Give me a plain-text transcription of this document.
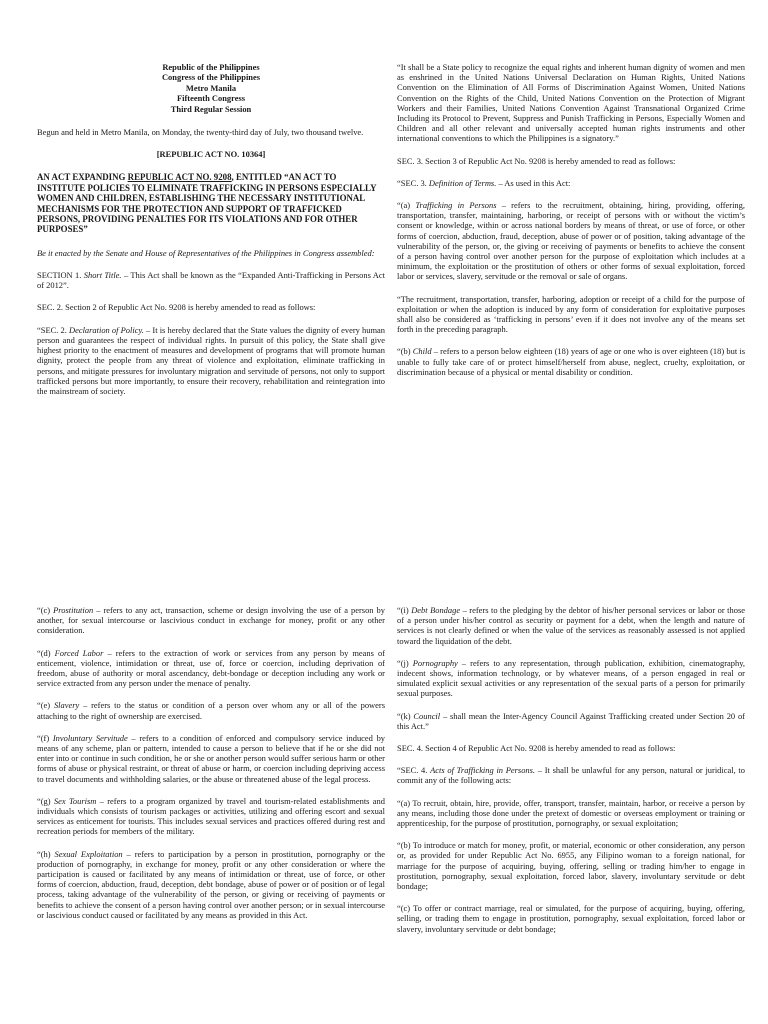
Republic of the Philippines
Congress of the Philippines
Metro Manila
Fifteenth Congress
Third Regular Session

Begun and held in Metro Manila, on Monday, the twenty-third day of July, two thousand twelve.

[REPUBLIC ACT NO. 10364]

AN ACT EXPANDING REPUBLIC ACT NO. 9208, ENTITLED “AN ACT TO INSTITUTE POLICIES TO ELIMINATE TRAFFICKING IN PERSONS ESPECIALLY WOMEN AND CHILDREN, ESTABLISHING THE NECESSARY INSTITUTIONAL MECHANISMS FOR THE PROTECTION AND SUPPORT OF TRAFFICKED PERSONS, PROVIDING PENALTIES FOR ITS VIOLATIONS AND FOR OTHER PURPOSES”

Be it enacted by the Senate and House of Representatives of the Philippines in Congress assembled:

SECTION 1. Short Title. – This Act shall be known as the “Expanded Anti-Trafficking in Persons Act of 2012”.

SEC. 2. Section 2 of Republic Act No. 9208 is hereby amended to read as follows:

“SEC. 2. Declaration of Policy. – It is hereby declared that the State values the dignity of every human person and guarantees the respect of individual rights. In pursuit of this policy, the State shall give highest priority to the enactment of measures and development of programs that will promote human dignity, protect the people from any threat of violence and exploitation, eliminate trafficking in persons, and mitigate pressures for involuntary migration and servitude of persons, not only to support trafficked persons but more importantly, to ensure their recovery, rehabilitation and reintegration into the mainstream of society.

“It shall be a State policy to recognize the equal rights and inherent human dignity of women and men as enshrined in the United Nations Universal Declaration on Human Rights, United Nations Convention on the Elimination of All Forms of Discrimination Against Women, United Nations Convention on the Rights of the Child, United Nations Convention on the Protection of Migrant Workers and their Families, United Nations Convention Against Transnational Organized Crime Including its Protocol to Prevent, Suppress and Punish Trafficking in Persons, Especially Women and Children and all other relevant and universally accepted human rights instruments and other international conventions to which the Philippines is a signatory.”

SEC. 3. Section 3 of Republic Act No. 9208 is hereby amended to read as follows:

“SEC. 3. Definition of Terms. – As used in this Act:

“(a) Trafficking in Persons – refers to the recruitment, obtaining, hiring, providing, offering, transportation, transfer, maintaining, harboring, or receipt of persons with or without the victim’s consent or knowledge, within or across national borders by means of threat, or use of force, or other forms of coercion, abduction, fraud, deception, abuse of power or of position, taking advantage of the vulnerability of the person, or, the giving or receiving of payments or benefits to achieve the consent of a person having control over another person for the purpose of exploitation which includes at a minimum, the exploitation or the prostitution of others or other forms of sexual exploitation, forced labor or services, slavery, servitude or the removal or sale of organs.

“The recruitment, transportation, transfer, harboring, adoption or receipt of a child for the purpose of exploitation or when the adoption is induced by any form of consideration for exploitative purposes shall also be considered as ‘trafficking in persons’ even if it does not involve any of the means set forth in the preceding paragraph.

“(b) Child – refers to a person below eighteen (18) years of age or one who is over eighteen (18) but is unable to fully take care of or protect himself/herself from abuse, neglect, cruelty, exploitation, or discrimination because of a physical or mental disability or condition.

“(c) Prostitution – refers to any act, transaction, scheme or design involving the use of a person by another, for sexual intercourse or lascivious conduct in exchange for money, profit or any other consideration.

“(d) Forced Labor – refers to the extraction of work or services from any person by means of enticement, violence, intimidation or threat, use of, force or coercion, including deprivation of freedom, abuse of authority or moral ascendancy, debt-bondage or deception including any work or service extracted from any person under the menace of penalty.

“(e) Slavery – refers to the status or condition of a person over whom any or all of the powers attaching to the right of ownership are exercised.

“(f) Involuntary Servitude – refers to a condition of enforced and compulsory service induced by means of any scheme, plan or pattern, intended to cause a person to believe that if he or she did not enter into or continue in such condition, he or she or another person would suffer serious harm or other forms of abuse or physical restraint, or threat of abuse or harm, or coercion including depriving access to travel documents and withholding salaries, or the abuse or threatened abuse of the legal process.

“(g) Sex Tourism – refers to a program organized by travel and tourism-related establishments and individuals which consists of tourism packages or activities, utilizing and offering escort and sexual services as enticement for tourists. This includes sexual services and practices offered during rest and recreation periods for members of the military.

“(h) Sexual Exploitation – refers to participation by a person in prostitution, pornography or the production of pornography, in exchange for money, profit or any other consideration or where the participation is caused or facilitated by any means of intimidation or threat, use of force, or other forms of coercion, abduction, fraud, deception, debt bondage, abuse of power or of position or of legal process, taking advantage of the vulnerability of the person, or giving or receiving of payments or benefits to achieve the consent of a person having control over another person; or in sexual intercourse or lascivious conduct caused or facilitated by any means as provided in this Act.

“(i) Debt Bondage – refers to the pledging by the debtor of his/her personal services or labor or those of a person under his/her control as security or payment for a debt, when the length and nature of services is not clearly defined or when the value of the services as reasonably assessed is not applied toward the liquidation of the debt.

“(j) Pornography – refers to any representation, through publication, exhibition, cinematography, indecent shows, information technology, or by whatever means, of a person engaged in real or simulated explicit sexual activities or any representation of the sexual parts of a person for primarily sexual purposes.

“(k) Council – shall mean the Inter-Agency Council Against Trafficking created under Section 20 of this Act.”

SEC. 4. Section 4 of Republic Act No. 9208 is hereby amended to read as follows:

“SEC. 4. Acts of Trafficking in Persons. – It shall be unlawful for any person, natural or juridical, to commit any of the following acts:

“(a) To recruit, obtain, hire, provide, offer, transport, transfer, maintain, harbor, or receive a person by any means, including those done under the pretext of domestic or overseas employment or training or apprenticeship, for the purpose of prostitution, pornography, or sexual exploitation;

“(b) To introduce or match for money, profit, or material, economic or other consideration, any person or, as provided for under Republic Act No. 6955, any Filipino woman to a foreign national, for marriage for the purpose of acquiring, buying, offering, selling or trading him/her to engage in prostitution, pornography, sexual exploitation, forced labor, slavery, involuntary servitude or debt bondage;

“(c) To offer or contract marriage, real or simulated, for the purpose of acquiring, buying, offering, selling, or trading them to engage in prostitution, pornography, sexual exploitation, forced labor or slavery, involuntary servitude or debt bondage;
